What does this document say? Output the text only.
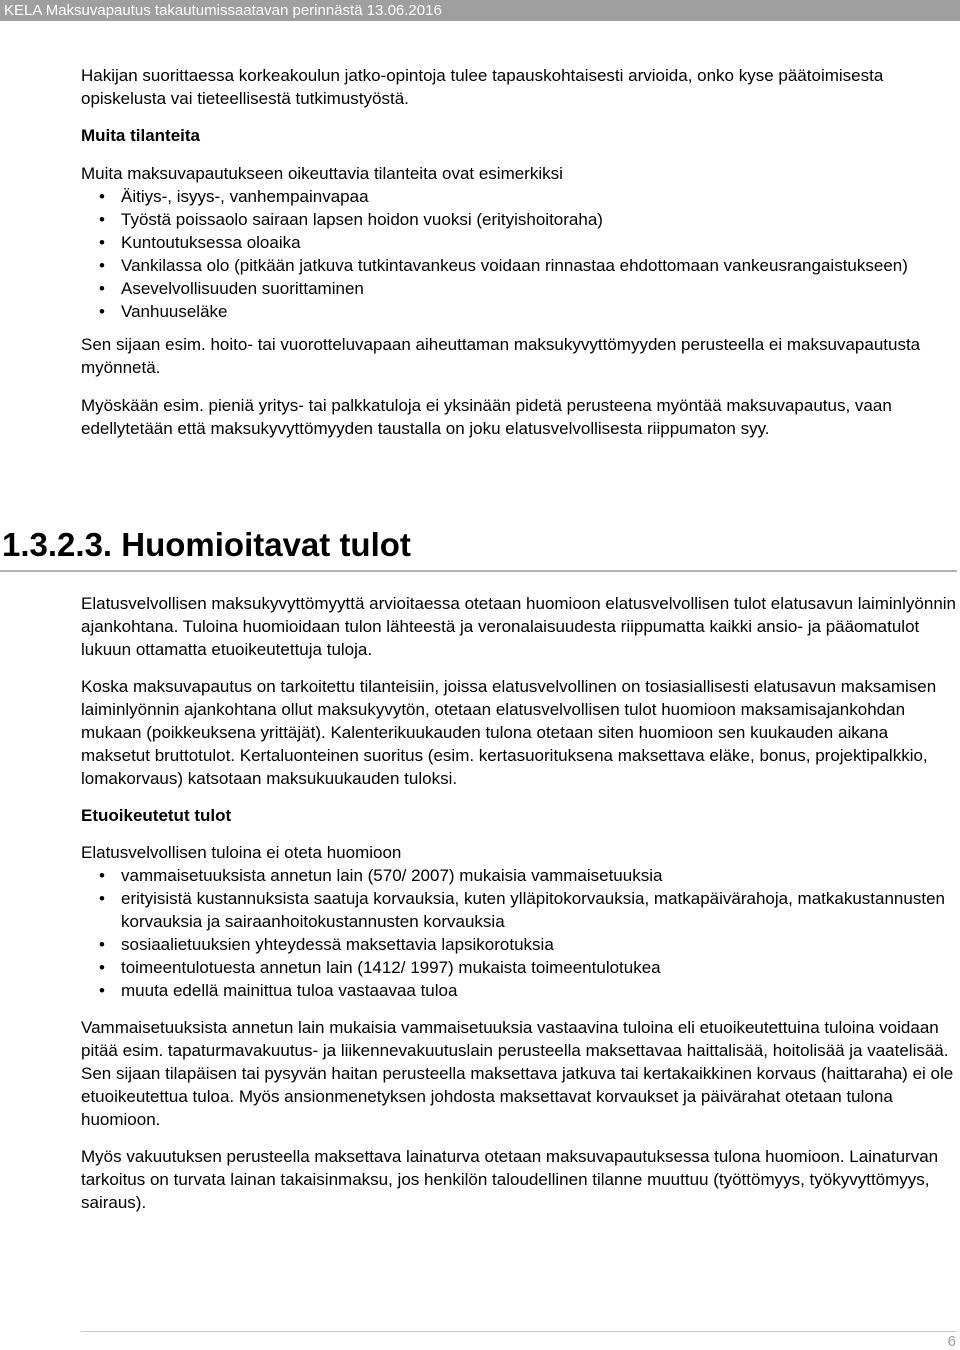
KELA Maksuvapautus takautumissaatavan perinnästä 13.06.2016

Hakijan suorittaessa korkeakoulun jatko-opintoja tulee tapauskohtaisesti arvioida, onko kyse päätoimisesta opiskelusta vai tieteellisestä tutkimustyöstä.

Muita tilanteita

Muita maksuvapautukseen oikeuttavia tilanteita ovat esimerkiksi

• Äitiys-, isyys-, vanhempainvapaa
• Työstä poissaolo sairaan lapsen hoidon vuoksi (erityishoitoraha)
• Kuntoutuksessa oloaika
• Vankilassa olo (pitkään jatkuva tutkintavankeus voidaan rinnastaa ehdottomaan vankeusrangaistukseen)
• Asevelvollisuuden suorittaminen
• Vanhuuseläke

Sen sijaan esim. hoito- tai vuorotteluvapaan aiheuttaman maksukyvyttömyyden perusteella ei maksuvapautusta myönnetä.

Myöskään esim. pieniä yritys- tai palkkatuloja ei yksinään pidetä perusteena myöntää maksuvapautus, vaan edellytetään että maksukyvyttömyyden taustalla on joku elatusvelvollisesta riippumaton syy.

1.3.2.3. Huomioitavat tulot

Elatusvelvollisen maksukyvyttömyyttä arvioitaessa otetaan huomioon elatusvelvollisen tulot elatusavun laiminlyönnin ajankohtana. Tuloina huomioidaan tulon lähteestä ja veronalaisuudesta riippumatta kaikki ansio- ja pääomatulot lukuun ottamatta etuoikeutettuja tuloja.

Koska maksuvapautus on tarkoitettu tilanteisiin, joissa elatusvelvollinen on tosiasiallisesti elatusavun maksamisen laiminlyönnin ajankohtana ollut maksukyvytön, otetaan elatusvelvollisen tulot huomioon maksamisajankohdan mukaan (poikkeuksena yrittäjät). Kalenterikuukauden tulona otetaan siten huomioon sen kuukauden aikana maksetut bruttotulot. Kertaluonteinen suoritus (esim. kertasuorituksena maksettava eläke, bonus, projektipalkkio, lomakorvaus) katsotaan maksukuukauden tuloksi.

Etuoikeutetut tulot

Elatusvelvollisen tuloina ei oteta huomioon

• vammaisetuuksista annetun lain (570/ 2007) mukaisia vammaisetuuksia
• erityisistä kustannuksista saatuja korvauksia, kuten ylläpitokorvauksia, matkapäivärahoja, matkakustannusten korvauksia ja sairaanhoitokustannusten korvauksia
• sosiaalietuuksien yhteydessä maksettavia lapsikorotuksia
• toimeentulotuesta annetun lain (1412/ 1997) mukaista toimeentulotukea
• muuta edellä mainittua tuloa vastaavaa tuloa

Vammaisetuuksista annetun lain mukaisia vammaisetuuksia vastaavina tuloina eli etuoikeutettuina tuloina voidaan pitää esim. tapaturmavakuutus- ja liikennevakuutuslain perusteella maksettavaa haittalisää, hoitolisää ja vaatelisää. Sen sijaan tilapäisen tai pysyvän haitan perusteella maksettava jatkuva tai kertakaikkinen korvaus (haittaraha) ei ole etuoikeutettua tuloa. Myös ansionmenetyksen johdosta maksettavat korvaukset ja päivärahat otetaan tulona huomioon.

Myös vakuutuksen perusteella maksettava lainaturva otetaan maksuvapautuksessa tulona huomioon. Lainaturvan tarkoitus on turvata lainan takaisinmaksu, jos henkilön taloudellinen tilanne muuttuu (työttömyys, työkyvyttömyys, sairaus).

6
